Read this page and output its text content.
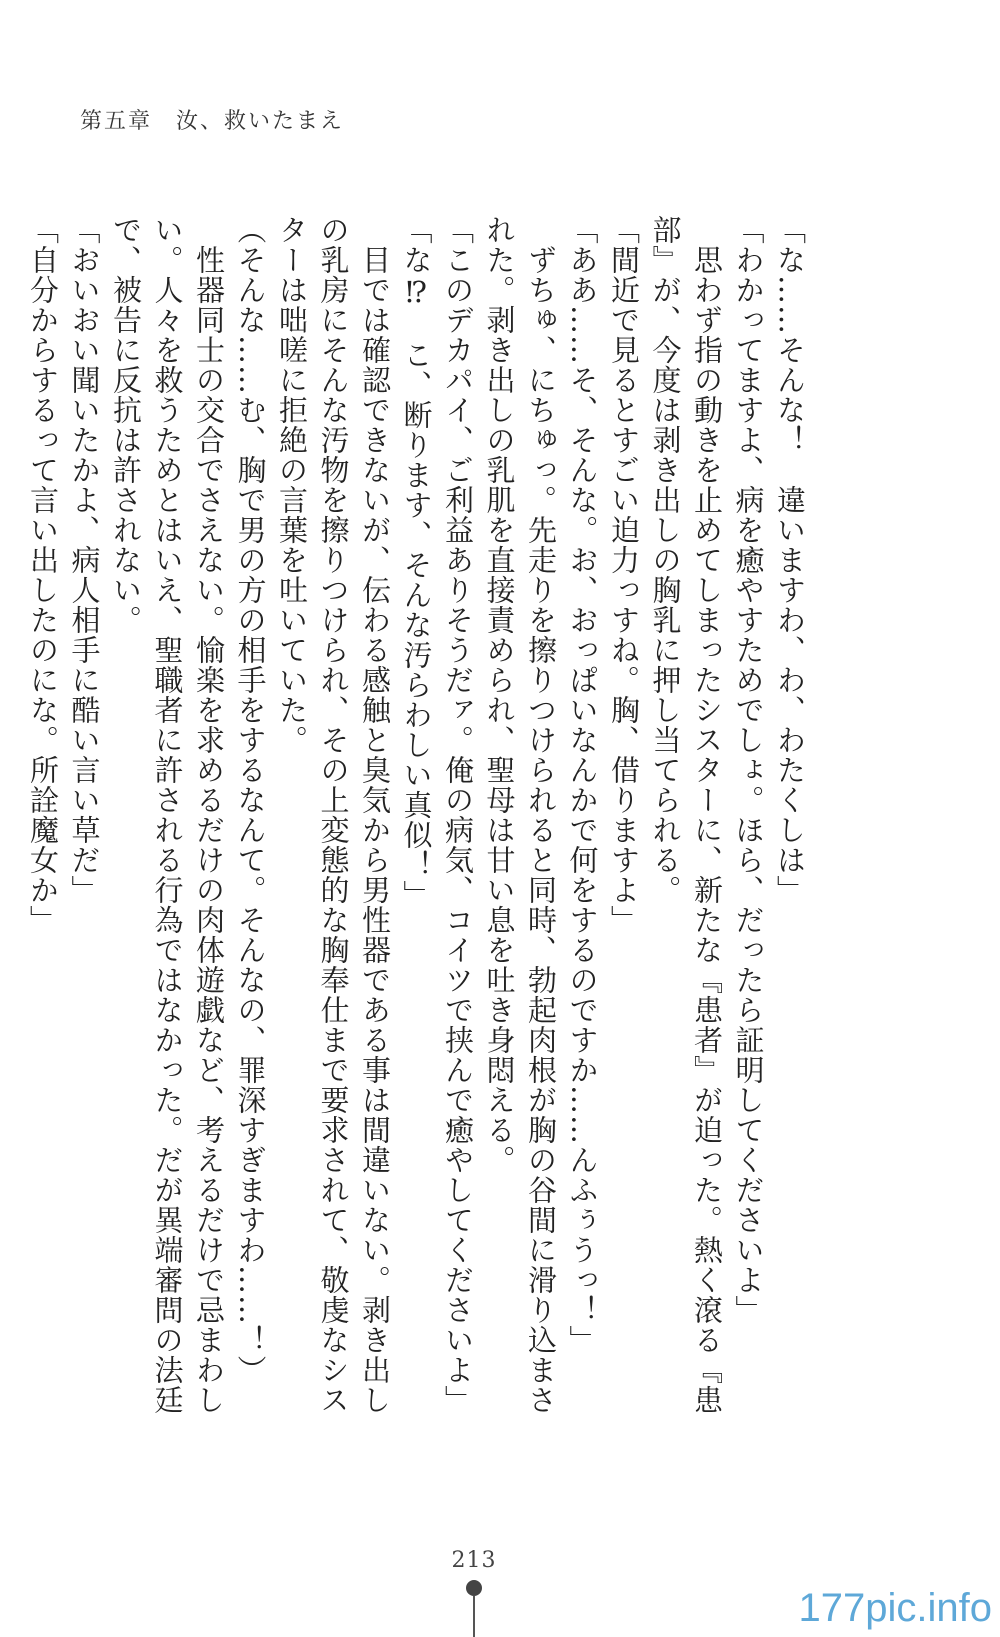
第五章　汝、救いたまえ
「な……そんな！　違いますわ、わ、わたくしは」
「わかってますよ、病を癒やすためでしょ。ほら、だったら証明してくださいよ」
　思わず指の動きを止めてしまったシスターに、新たな『患者』が迫った。熱く滾る『患
部』が、今度は剥き出しの胸乳に押し当てられる。
「間近で見るとすごい迫力っすね。胸、借りますよ」
「ああ……そ、そんな。お、おっぱいなんかで何をするのですか……んふぅうっ！」
　ずちゅ、にちゅっ。先走りを擦りつけられると同時、勃起肉根が胸の谷間に滑り込まさ
れた。剥き出しの乳肌を直接責められ、聖母は甘い息を吐き身悶える。
「このデカパイ、ご利益ありそうだァ。俺の病気、コイツで挟んで癒やしてくださいよ」
「な⁉　こ、断ります、そんな汚らわしい真似！」
　目では確認できないが、伝わる感触と臭気から男性器である事は間違いない。剥き出し
の乳房にそんな汚物を擦りつけられ、その上変態的な胸奉仕まで要求されて、敬虔なシス
ターは咄嗟に拒絶の言葉を吐いていた。
（そんな……む、胸で男の方の相手をするなんて。そんなの、罪深すぎますわ……！）
　性器同士の交合でさえない。愉楽を求めるだけの肉体遊戯など、考えるだけで忌まわし
い。人々を救うためとはいえ、聖職者に許される行為ではなかった。だが異端審問の法廷
で、被告に反抗は許されない。
「おいおい聞いたかよ、病人相手に酷い言い草だ」
「自分からするって言い出したのにな。所詮魔女か」
213
177pic.info
